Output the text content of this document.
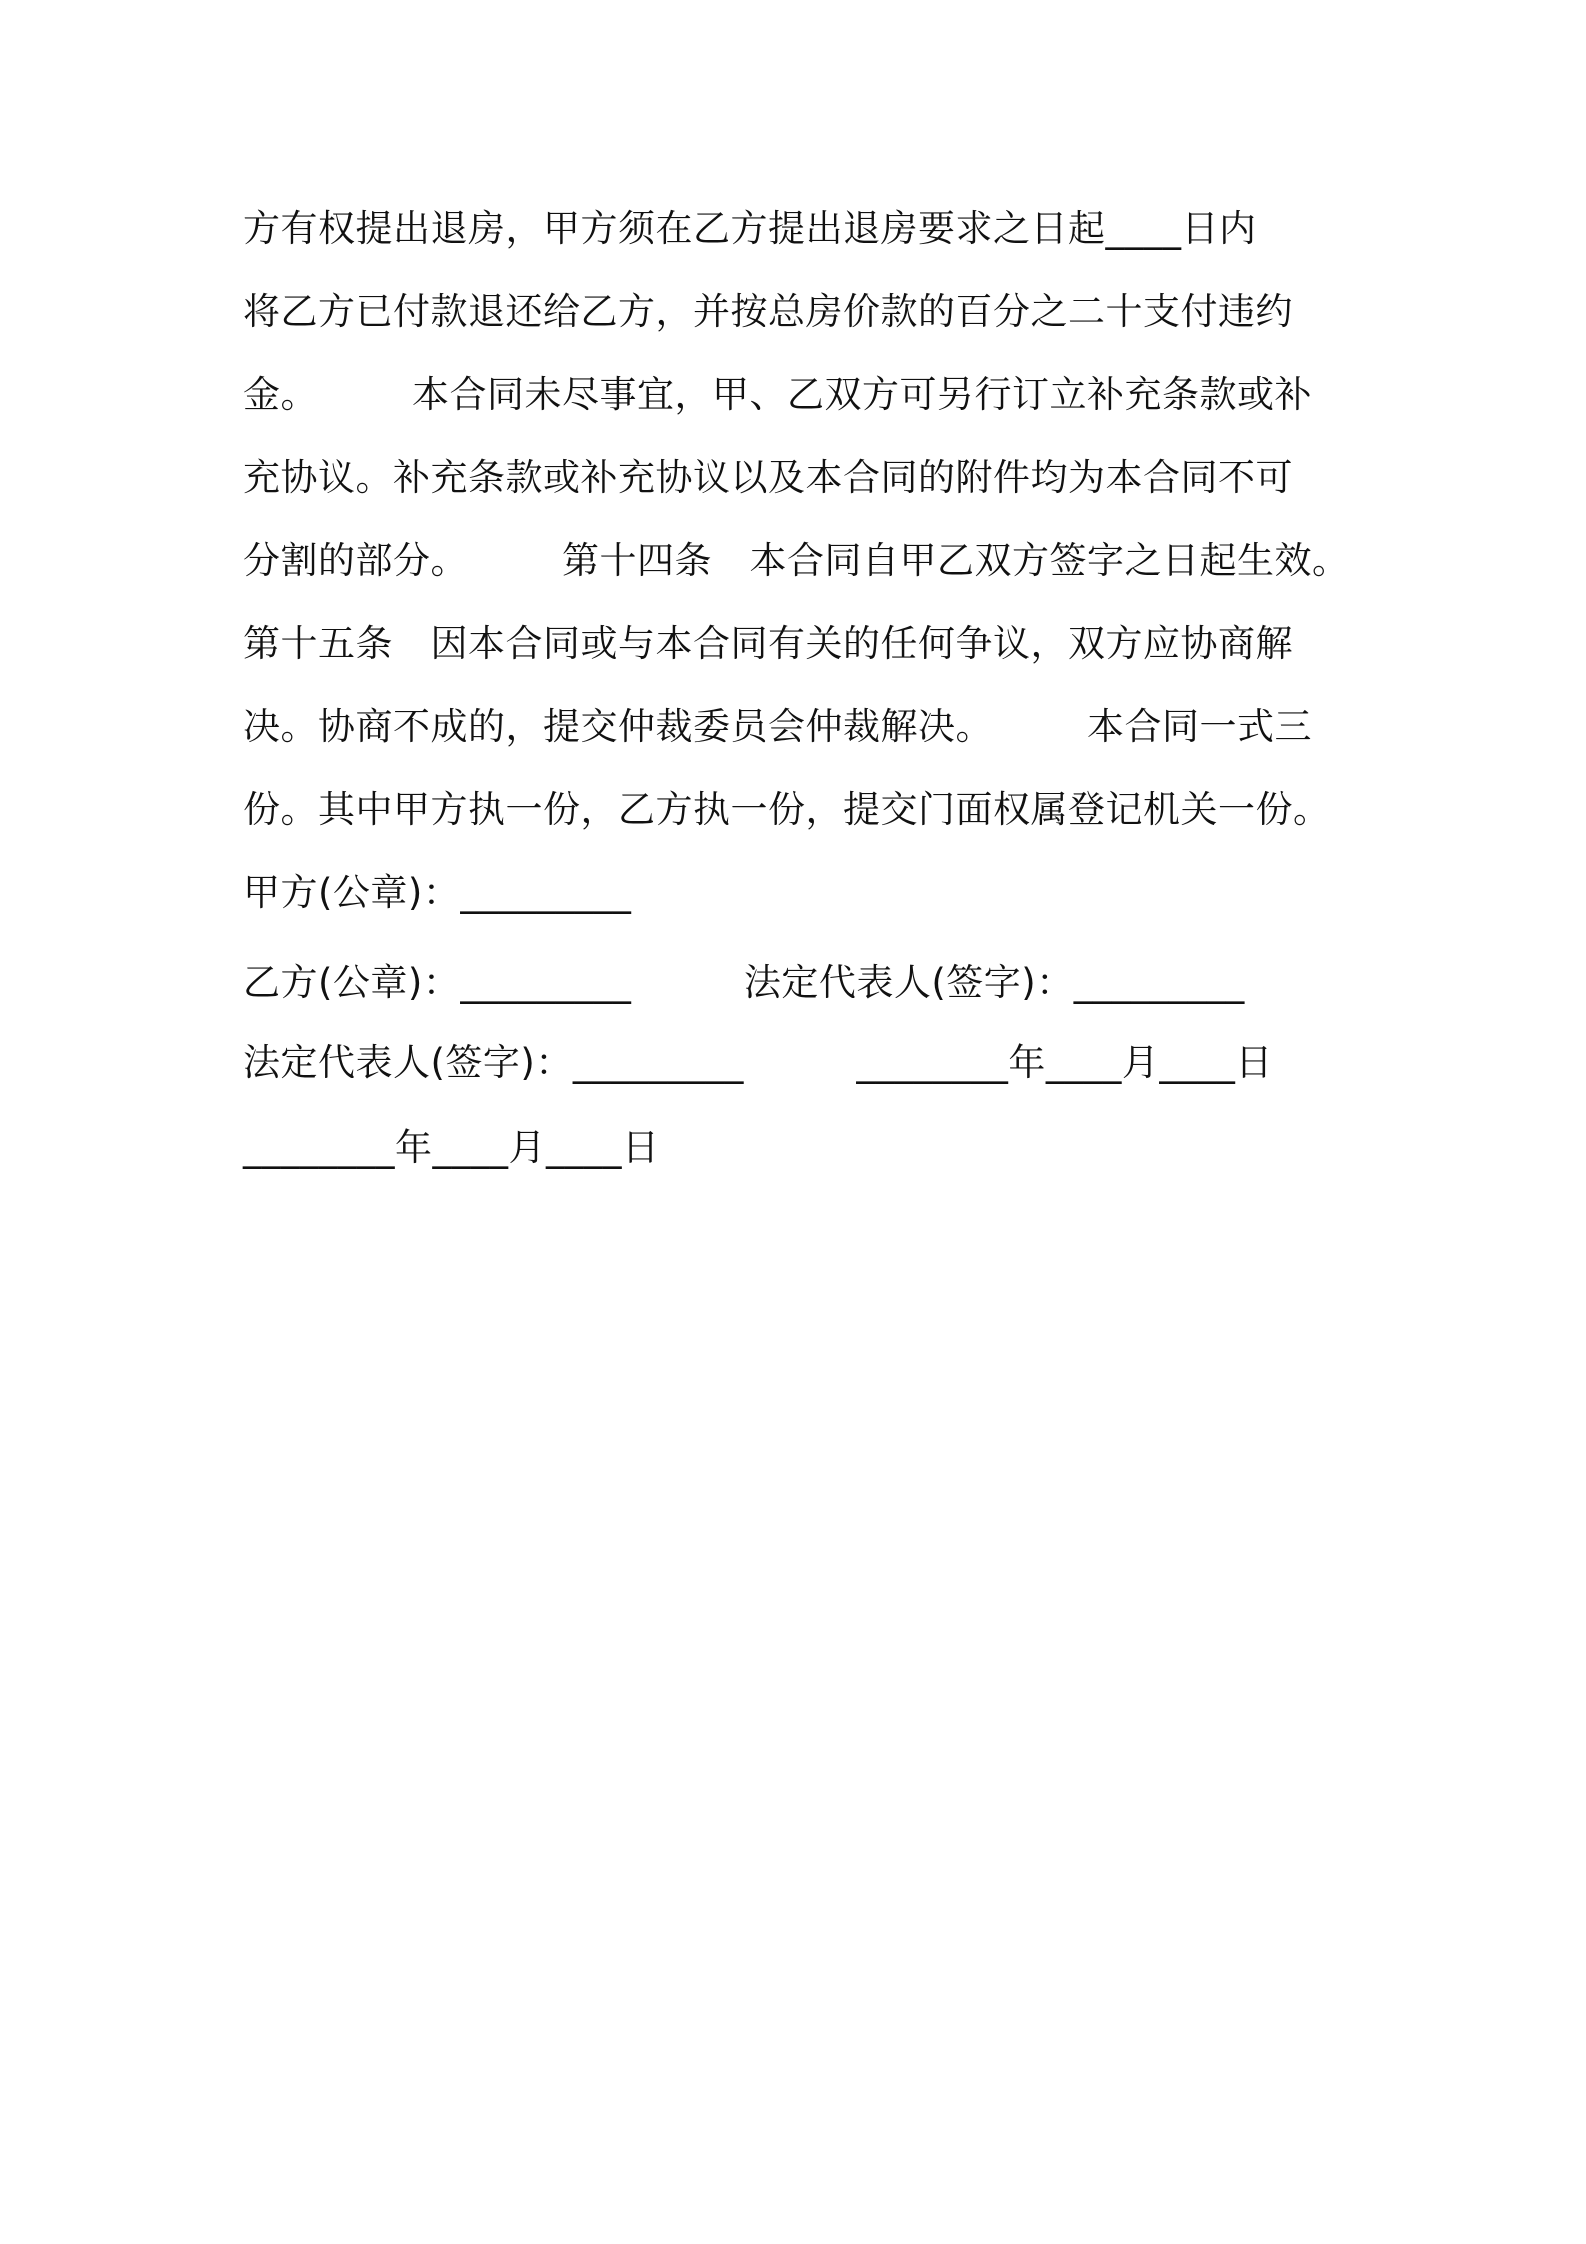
方有权提出退房，甲方须在乙方提出退房要求之日起____日内
将乙方已付款退还给乙方，并按总房价款的百分之二十支付违约
金。　　　本合同未尽事宜，甲、乙双方可另行订立补充条款或补
充协议。补充条款或补充协议以及本合同的附件均为本合同不可
分割的部分。　　　第十四条　本合同自甲乙双方签字之日起生效。
第十五条　因本合同或与本合同有关的任何争议，双方应协商解
决。协商不成的，提交仲裁委员会仲裁解决。　　　本合同一式三
份。其中甲方执一份，乙方执一份，提交门面权属登记机关一份。
甲方(公章)：_________
乙方(公章)：_________　　　法定代表人(签字)：_________
法定代表人(签字)：_________　　　________年____月____日
________年____月____日
